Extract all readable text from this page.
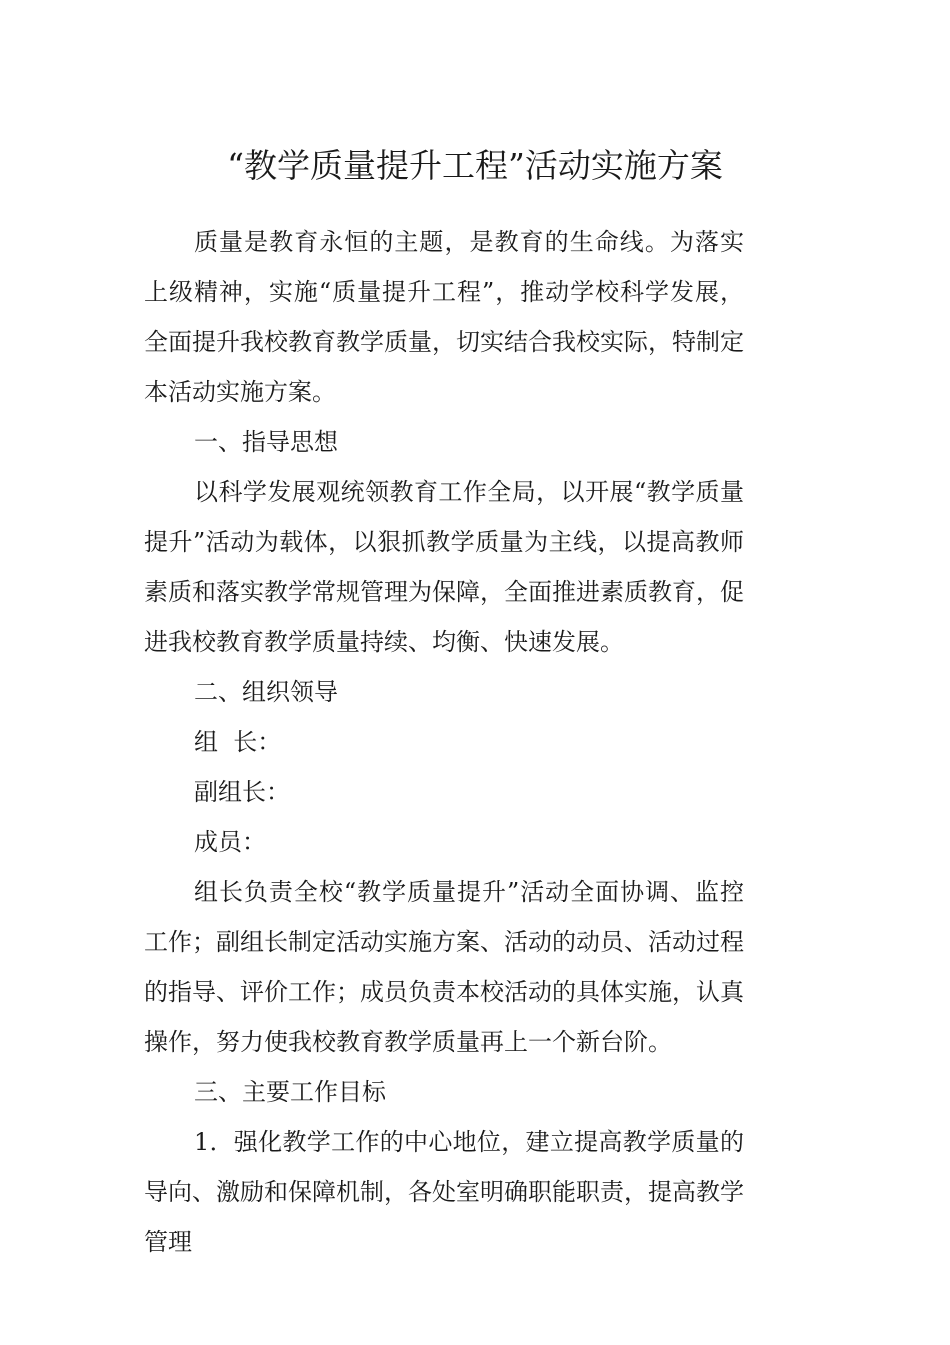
“教学质量提升工程”活动实施方案

质量是教育永恒的主题，是教育的生命线。为落实上级精神，实施“质量提升工程”，推动学校科学发展，全面提升我校教育教学质量，切实结合我校实际，特制定本活动实施方案。

一、指导思想

以科学发展观统领教育工作全局，以开展“教学质量提升”活动为载体，以狠抓教学质量为主线，以提高教师素质和落实教学常规管理为保障，全面推进素质教育，促进我校教育教学质量持续、均衡、快速发展。

二、组织领导

组  长：

副组长：

成员：

组长负责全校“教学质量提升”活动全面协调、监控工作；副组长制定活动实施方案、活动的动员、活动过程的指导、评价工作；成员负责本校活动的具体实施，认真操作，努力使我校教育教学质量再上一个新台阶。

三、主要工作目标

1．强化教学工作的中心地位，建立提高教学质量的导向、激励和保障机制，各处室明确职能职责，提高教学管理
